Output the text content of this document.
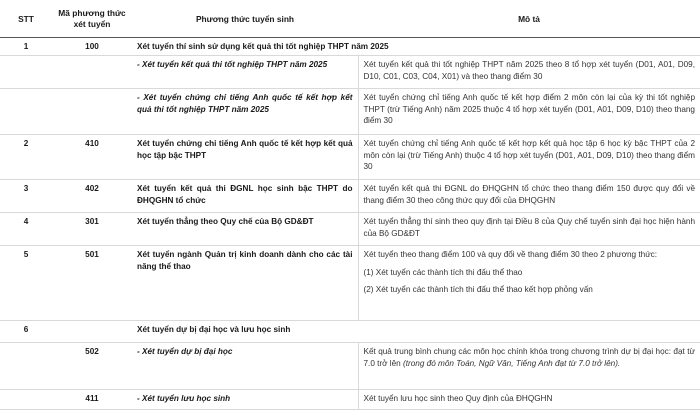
STT	Mã phương thức xét tuyển	Phương thức tuyển sinh	Mô tả
1	100	Xét tuyển thí sinh sử dụng kết quả thi tốt nghiệp THPT năm 2025	
		- Xét tuyển kết quả thi tốt nghiệp THPT năm 2025	Xét tuyển kết quả thi tốt nghiệp THPT năm 2025 theo 8 tổ hợp xét tuyển (D01, A01, D09, D10, C01, C03, C04, X01) và theo thang điểm 30
		- Xét tuyển chứng chỉ tiếng Anh quốc tế kết hợp kết quả thi tốt nghiệp THPT năm 2025	Xét tuyển chứng chỉ tiếng Anh quốc tế kết hợp điểm 2 môn còn lại của kỳ thi tốt nghiệp THPT (trừ Tiếng Anh) năm 2025 thuộc 4 tổ hợp xét tuyển (D01, A01, D09, D10) theo thang điểm 30
2	410	Xét tuyển chứng chỉ tiếng Anh quốc tế kết hợp kết quả học tập bậc THPT	Xét tuyển chứng chỉ tiếng Anh quốc tế kết hợp kết quả học tập 6 học kỳ bậc THPT của 2 môn còn lại (trừ Tiếng Anh) thuộc 4 tổ hợp xét tuyển (D01, A01, D09, D10) theo thang điểm 30
3	402	Xét tuyển kết quả thi ĐGNL học sinh bậc THPT do ĐHQGHN tổ chức	Xét tuyển kết quả thi ĐGNL do ĐHQGHN tổ chức theo thang điểm 150 được quy đổi về thang điểm 30 theo công thức quy đổi của ĐHQGHN
4	301	Xét tuyển thẳng theo Quy chế của Bộ GD&ĐT	Xét tuyển thẳng thí sinh theo quy định tại Điều 8 của Quy chế tuyển sinh đại học hiện hành của Bộ GD&ĐT
5	501	Xét tuyển ngành Quản trị kinh doanh dành cho các tài năng thể thao	Xét tuyển theo thang điểm 100 và quy đổi về thang điểm 30 theo 2 phương thức:

(1) Xét tuyển các thành tích thi đấu thể thao

(2) Xét tuyển các thành tích thi đấu thể thao kết hợp phỏng vấn

6		Xét tuyển dự bị đại học và lưu học sinh	
	502	- Xét tuyển dự bị đại học	Kết quả trung bình chung các môn học chính khóa trong chương trình dự bị đại học: đạt từ 7.0 trở lên (trong đó môn Toán, Ngữ Văn, Tiếng Anh đạt từ 7.0 trở lên).
	411	- Xét tuyển lưu học sinh	Xét tuyển lưu học sinh theo Quy định của ĐHQGHN
